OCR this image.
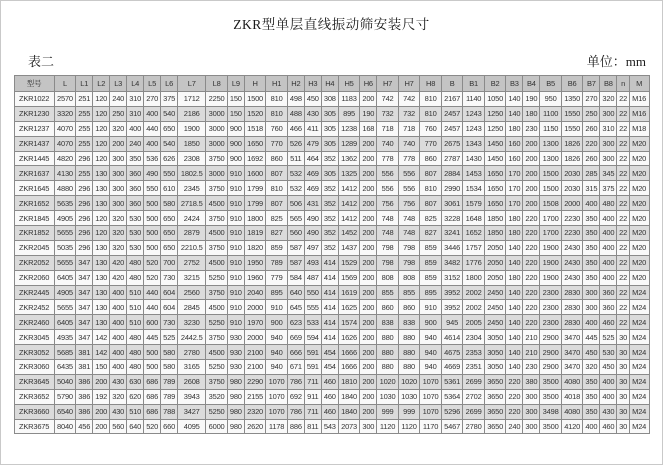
ZKR型单层直线振动筛安装尺寸
表二	单位：mm
型号	L	L1	L2	L3	L4	L5	L6	L7	L8	L9	H	H1	H2	H3	H4	H5	H6	H7	H7	H8	B	B1	B2	B3	B4	B5	B6	B7	B8	n	M
ZKR1022	2570	251	120	240	310	270	375	1712	2250	150	1500	810	498	450	308	1183	200	742	742	810	2167	1140	1050	140	190	950	1350	270	320	22	M16
ZKR1230	3320	255	120	250	310	400	540	2186	3000	150	1520	810	488	430	305	895	190	732	732	810	2457	1243	1250	140	180	1100	1550	250	300	22	M16
ZKR1237	4070	255	120	320	400	440	650	1900	3000	900	1518	760	466	411	305	1238	168	718	718	760	2457	1243	1250	180	230	1150	1550	260	310	22	M18
ZKR1437	4070	255	120	200	240	400	540	1850	3000	900	1650	770	526	479	305	1289	200	740	740	770	2675	1343	1450	160	200	1300	1826	220	300	22	M20
ZKR1445	4820	296	120	300	350	536	626	2308	3750	900	1692	860	511	464	352	1362	200	778	778	860	2787	1430	1450	160	200	1300	1826	260	300	22	M20
ZKR1637	4130	255	130	300	360	490	550	1802.5	3000	910	1600	807	532	469	305	1325	200	556	556	807	2884	1453	1650	170	200	1500	2030	285	345	22	M20
ZKR1645	4880	296	130	300	360	550	610	2345	3750	910	1799	810	532	469	352	1412	200	556	556	810	2990	1534	1650	170	200	1500	2030	315	375	22	M20
ZKR1652	5635	296	130	300	360	500	580	2718.5	4500	910	1799	807	506	431	352	1412	200	756	756	807	3061	1579	1650	170	200	1508	2000	400	480	22	M20
ZKR1845	4905	296	120	320	530	500	650	2424	3750	910	1800	825	565	490	352	1412	200	748	748	825	3228	1648	1850	180	220	1700	2230	350	400	22	M20
ZKR1852	5655	296	120	320	530	500	650	2879	4500	910	1819	827	560	490	352	1452	200	748	748	827	3241	1652	1850	180	220	1700	2230	350	400	22	M20
ZKR2045	5035	296	130	320	530	500	650	2210.5	3750	910	1820	859	587	497	352	1437	200	798	798	859	3446	1757	2050	140	220	1900	2430	350	400	22	M20
ZKR2052	5655	347	130	420	480	520	700	2752	4500	910	1950	789	587	493	414	1529	200	798	798	859	3482	1776	2050	140	220	1900	2430	350	400	22	M20
ZKR2060	6405	347	130	420	480	520	730	3215	5250	910	1960	779	584	487	414	1569	200	808	808	859	3152	1800	2050	180	220	1900	2430	350	400	22	M20
ZKR2445	4905	347	130	400	510	440	604	2560	3750	910	2040	895	640	550	414	1619	200	855	855	895	3952	2002	2450	140	220	2300	2830	300	360	22	M24
ZKR2452	5655	347	130	400	510	440	604	2845	4500	910	2000	910	645	555	414	1625	200	860	860	910	3952	2002	2450	140	220	2300	2830	300	360	22	M24
ZKR2460	6405	347	130	400	510	600	730	3230	5250	910	1970	900	623	533	414	1574	200	838	838	900	945	2005	2450	140	220	2300	2830	400	460	22	M24
ZKR3045	4935	347	142	400	480	445	525	2442.5	3750	930	2000	940	669	594	414	1626	200	880	880	940	4614	2304	3050	140	210	2900	3470	445	525	30	M24
ZKR3052	5685	381	142	400	480	500	580	2780	4500	930	2100	940	666	591	454	1666	200	880	880	940	4675	2353	3050	140	210	2900	3470	450	530	30	M24
ZKR3060	6435	381	150	400	480	500	580	3165	5250	930	2100	940	671	591	454	1666	200	880	880	940	4669	2351	3050	140	230	2900	3470	320	450	30	M24
ZKR3645	5040	386	200	430	630	686	789	2608	3750	980	2290	1070	786	711	460	1810	200	1020	1020	1070	5361	2699	3650	220	380	3500	4080	350	400	30	M24
ZKR3652	5790	386	192	320	620	686	789	3943	3520	980	2155	1070	692	911	460	1840	200	1030	1030	1070	5364	2702	3650	220	300	3500	4018	350	400	30	M24
ZKR3660	6540	386	200	430	510	686	788	3427	5250	980	2320	1070	786	711	460	1840	200	999	999	1070	5296	2699	3650	220	300	3498	4080	350	430	30	M24
ZKR3675	8040	456	200	560	640	520	660	4095	6000	980	2620	1178	886	811	543	2073	300	1120	1120	1170	5467	2780	3650	240	300	3500	4120	400	460	30	M24
